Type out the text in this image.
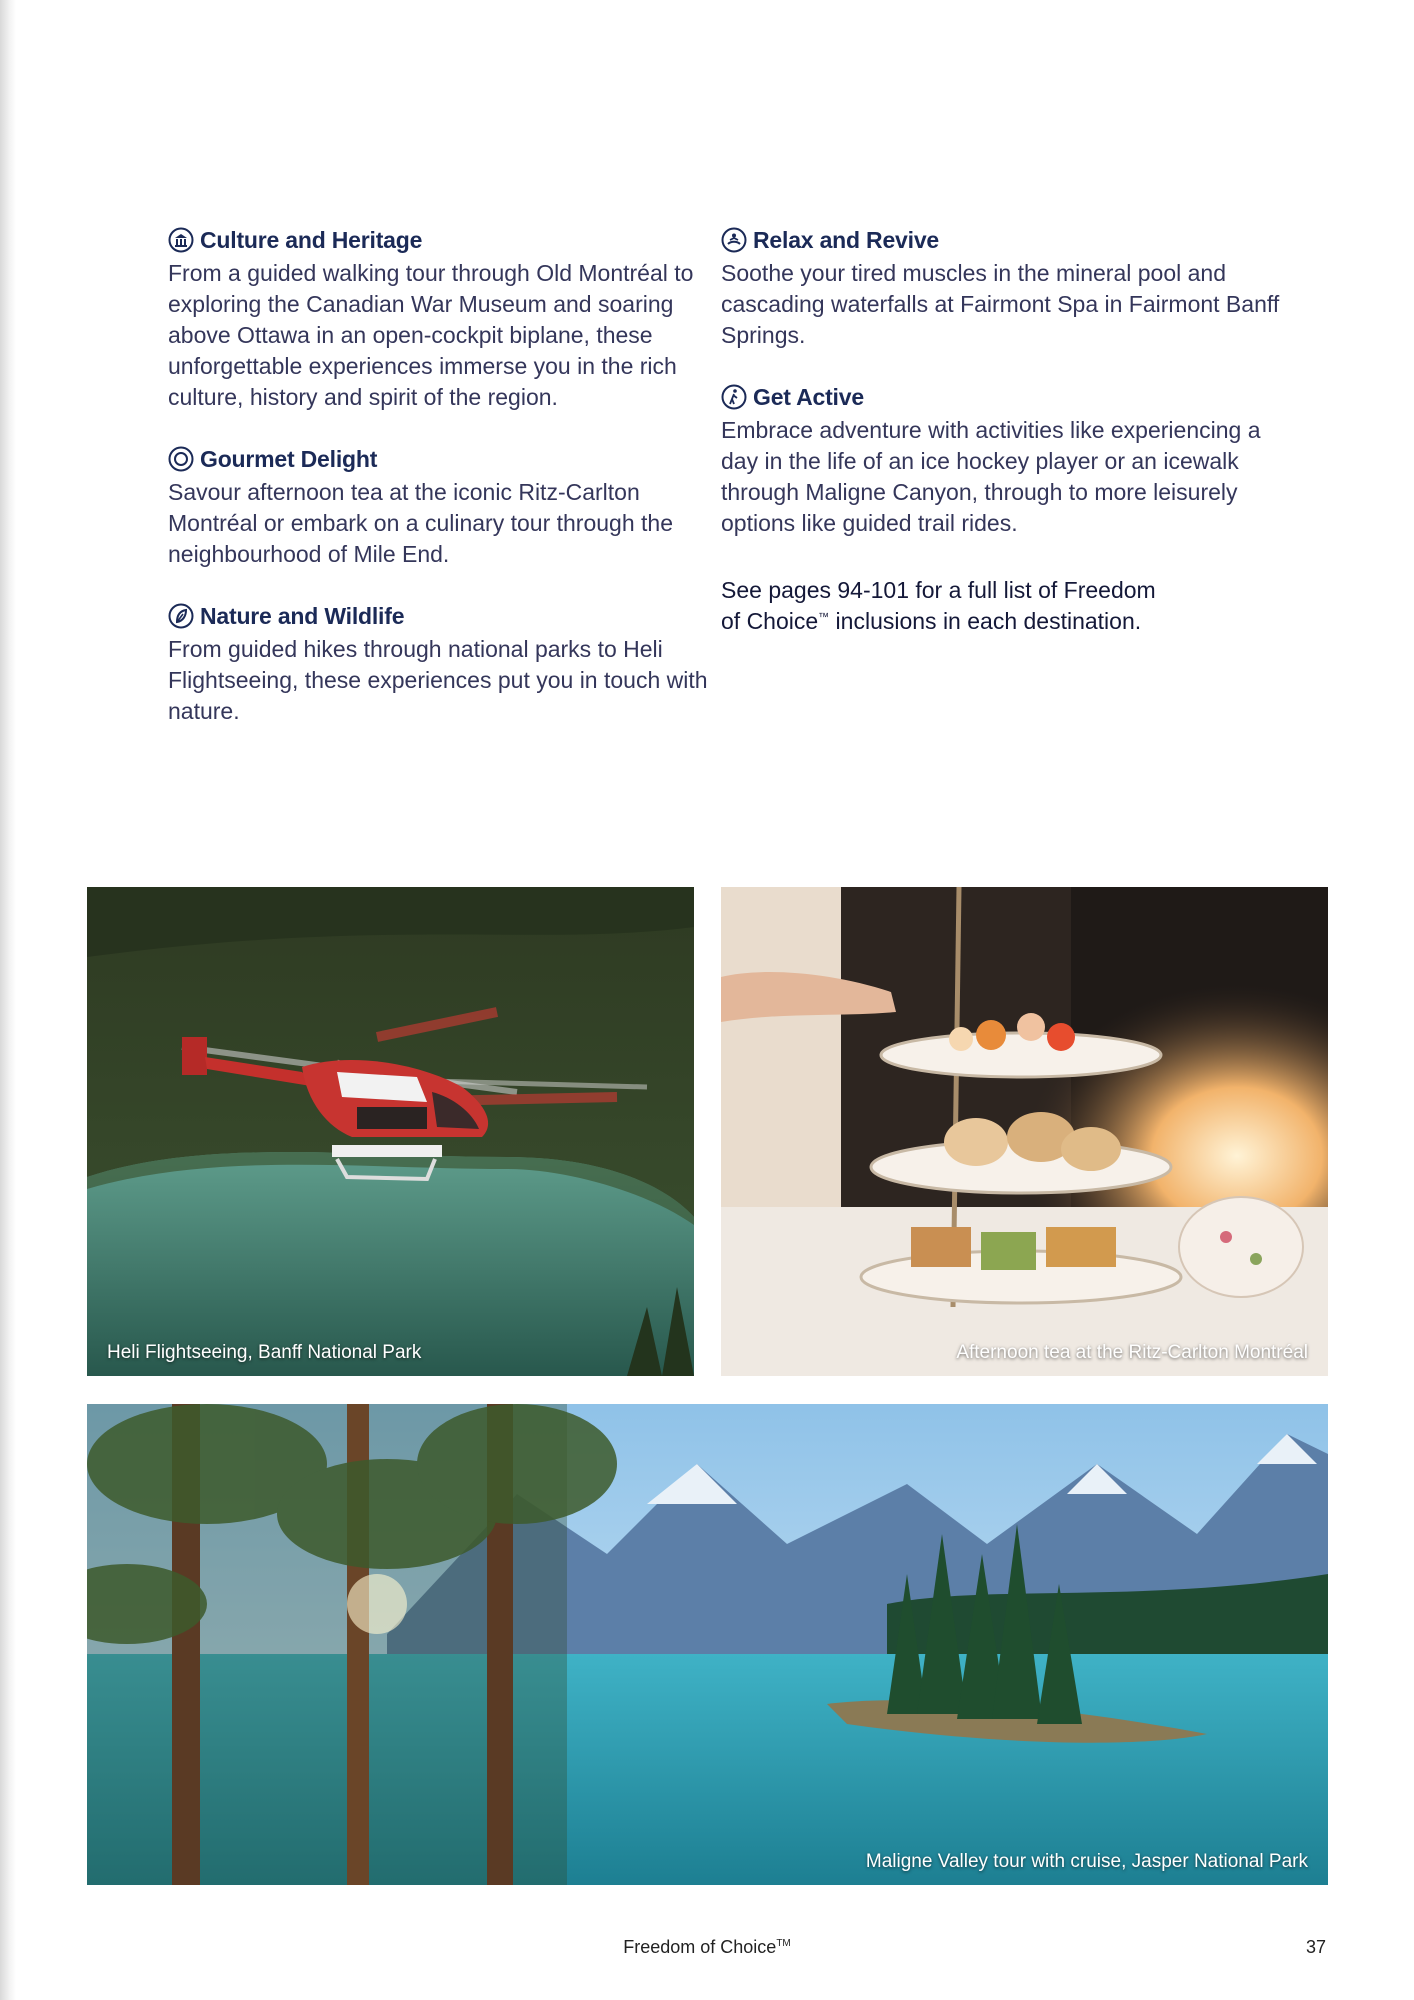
Culture and Heritage

From a guided walking tour through Old Montréal to exploring the Canadian War Museum and soaring above Ottawa in an open-cockpit biplane, these unforgettable experiences immerse you in the rich culture, history and spirit of the region.

Gourmet Delight

Savour afternoon tea at the iconic Ritz-Carlton Montréal or embark on a culinary tour through the neighbourhood of Mile End.

Nature and Wildlife

From guided hikes through national parks to Heli Flightseeing, these experiences put you in touch with nature.

Relax and Revive

Soothe your tired muscles in the mineral pool and cascading waterfalls at Fairmont Spa in Fairmont Banff Springs.

Get Active

Embrace adventure with activities like experiencing a day in the life of an ice hockey player or an icewalk through Maligne Canyon, through to more leisurely options like guided trail rides.

See pages 94-101 for a full list of Freedom
of Choice™ inclusions in each destination.

Heli Flightseeing, Banff National Park	Afternoon tea at the Ritz-Carlton Montréal
Maligne Valley tour with cruise, Jasper National Park
Freedom of Choice™	37
